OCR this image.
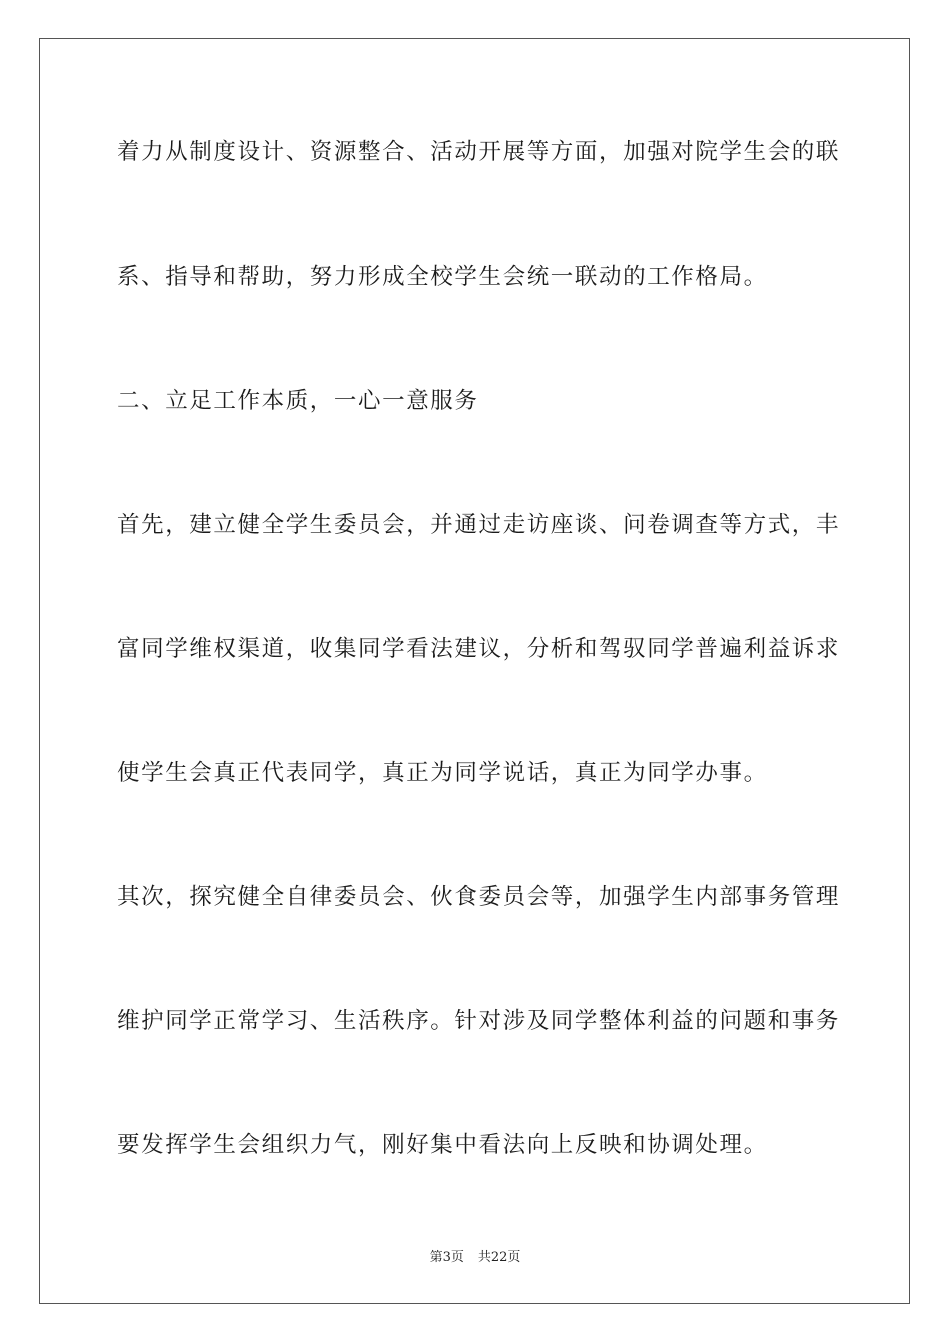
着力从制度设计、资源整合、活动开展等方面，加强对院学生会的联
系、指导和帮助，努力形成全校学生会统一联动的工作格局。
二、立足工作本质，一心一意服务
首先，建立健全学生委员会，并通过走访座谈、问卷调查等方式，丰
富同学维权渠道，收集同学看法建议，分析和驾驭同学普遍利益诉求
使学生会真正代表同学，真正为同学说话，真正为同学办事。
其次，探究健全自律委员会、伙食委员会等，加强学生内部事务管理
维护同学正常学习、生活秩序。针对涉及同学整体利益的问题和事务
要发挥学生会组织力气，刚好集中看法向上反映和协调处理。
第3页 共22页
